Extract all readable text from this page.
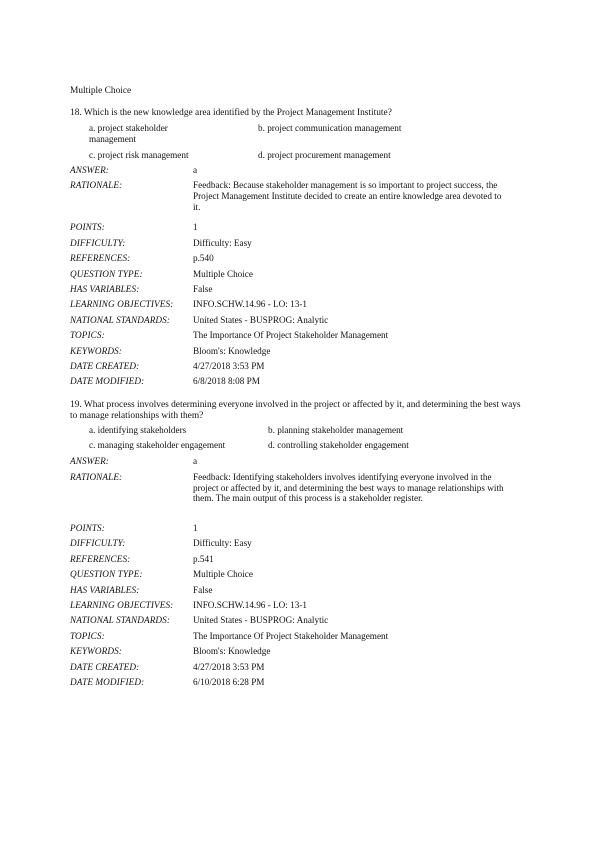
Multiple Choice
18. Which is the new knowledge area identified by the Project Management Institute?
a. project stakeholder management
b. project communication management
c. project risk management	d. project procurement management
ANSWER:	a
RATIONALE:	Feedback: Because stakeholder management is so important to project success, the Project Management Institute decided to create an entire knowledge area devoted to it.
POINTS:	1
DIFFICULTY:	Difficulty: Easy
REFERENCES:	p.540
QUESTION TYPE:	Multiple Choice
HAS VARIABLES:	False
LEARNING OBJECTIVES: INFO.SCHW.14.96 - LO: 13-1
NATIONAL STANDARDS:	United States - BUSPROG: Analytic
TOPICS:	The Importance Of Project Stakeholder Management
KEYWORDS:	Bloom's: Knowledge
DATE CREATED:	4/27/2018 3:53 PM
DATE MODIFIED:	6/8/2018 8:08 PM
19. What process involves determining everyone involved in the project or affected by it, and determining the best ways to manage relationships with them?
a. identifying stakeholders	b. planning stakeholder management
c. managing stakeholder engagement	d. controlling stakeholder engagement
ANSWER:	a
RATIONALE:	Feedback: Identifying stakeholders involves identifying everyone involved in the project or affected by it, and determining the best ways to manage relationships with them. The main output of this process is a stakeholder register.
POINTS:	1
DIFFICULTY:	Difficulty: Easy
REFERENCES:	p.541
QUESTION TYPE:	Multiple Choice
HAS VARIABLES:	False
LEARNING OBJECTIVES: INFO.SCHW.14.96 - LO: 13-1
NATIONAL STANDARDS:	United States - BUSPROG: Analytic
TOPICS:	The Importance Of Project Stakeholder Management
KEYWORDS:	Bloom's: Knowledge
DATE CREATED:	4/27/2018 3:53 PM
DATE MODIFIED:	6/10/2018 6:28 PM
